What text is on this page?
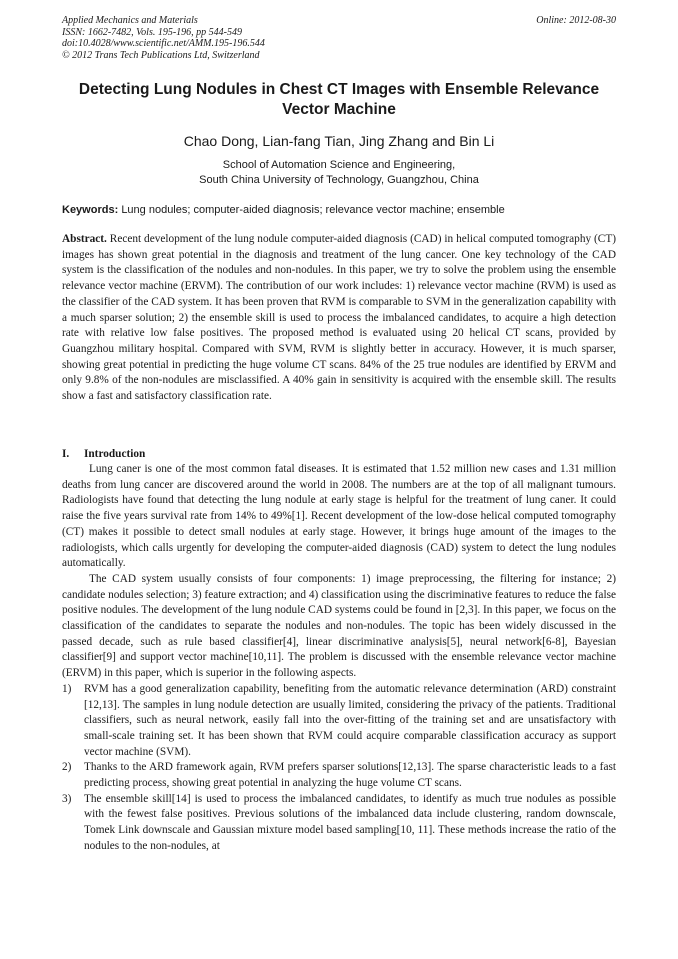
Applied Mechanics and Materials
ISSN: 1662-7482, Vols. 195-196, pp 544-549
doi:10.4028/www.scientific.net/AMM.195-196.544
© 2012 Trans Tech Publications Ltd, Switzerland
Online: 2012-08-30
Detecting Lung Nodules in Chest CT Images with Ensemble Relevance Vector Machine
Chao Dong, Lian-fang Tian, Jing Zhang and Bin Li
School of Automation Science and Engineering,
South China University of Technology, Guangzhou, China
Keywords: Lung nodules; computer-aided diagnosis; relevance vector machine; ensemble

Abstract. Recent development of the lung nodule computer-aided diagnosis (CAD) in helical computed tomography (CT) images has shown great potential in the diagnosis and treatment of the lung cancer. One key technology of the CAD system is the classification of the nodules and non-nodules. In this paper, we try to solve the problem using the ensemble relevance vector machine (ERVM). The contribution of our work includes: 1) relevance vector machine (RVM) is used as the classifier of the CAD system. It has been proven that RVM is comparable to SVM in the generalization capability with a much sparser solution; 2) the ensemble skill is used to process the imbalanced candidates, to acquire a high detection rate with relative low false positives. The proposed method is evaluated using 20 helical CT scans, provided by Guangzhou military hospital. Compared with SVM, RVM is slightly better in accuracy. However, it is much sparser, showing great potential in predicting the huge volume CT scans. 84% of the 25 true nodules are identified by ERVM and only 9.8% of the non-nodules are misclassified. A 40% gain in sensitivity is acquired with the ensemble skill. The results show a fast and satisfactory classification rate.

I. Introduction

Lung caner is one of the most common fatal diseases. It is estimated that 1.52 million new cases and 1.31 million deaths from lung cancer are discovered around the world in 2008. The numbers are at the top of all malignant tumours. Radiologists have found that detecting the lung nodule at early stage is helpful for the treatment of lung caner. It could raise the five years survival rate from 14% to 49%[1]. Recent development of the low-dose helical computed tomography (CT) makes it possible to detect small nodules at early stage. However, it brings huge amount of the images to the radiologists, which calls urgently for developing the computer-aided diagnosis (CAD) system to detect the lung nodules automatically.

The CAD system usually consists of four components: 1) image preprocessing, the filtering for instance; 2) candidate nodules selection; 3) feature extraction; and 4) classification using the discriminative features to reduce the false positive nodules. The development of the lung nodule CAD systems could be found in [2,3]. In this paper, we focus on the classification of the candidates to separate the nodules and non-nodules. The topic has been widely discussed in the passed decade, such as rule based classifier[4], linear discriminative analysis[5], neural network[6-8], Bayesian classifier[9] and support vector machine[10,11]. The problem is discussed with the ensemble relevance vector machine (ERVM) in this paper, which is superior in the following aspects.

1) RVM has a good generalization capability, benefiting from the automatic relevance determination (ARD) constraint [12,13]. The samples in lung nodule detection are usually limited, considering the privacy of the patients. Traditional classifiers, such as neural network, easily fall into the over-fitting of the training set and are unsatisfactory with small-scale training set. It has been shown that RVM could acquire comparable classification accuracy as support vector machine (SVM).
2) Thanks to the ARD framework again, RVM prefers sparser solutions[12,13]. The sparse characteristic leads to a fast predicting process, showing great potential in analyzing the huge volume CT scans.
3) The ensemble skill[14] is used to process the imbalanced candidates, to identify as much true nodules as possible with the fewest false positives. Previous solutions of the imbalanced data include clustering, random downscale, Tomek Link downscale and Gaussian mixture model based sampling[10, 11]. These methods increase the ratio of the nodules to the non-nodules, at
